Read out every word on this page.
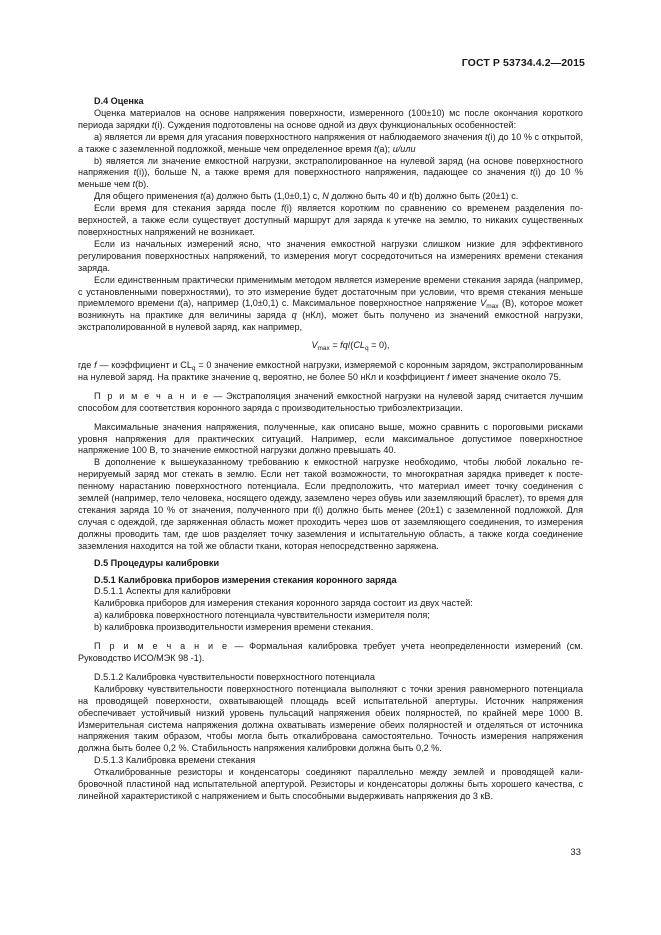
ГОСТ Р 53734.4.2—2015

D.4 Оценка

Оценка материалов на основе напряжения поверхности, измеренного (100±10) мс после окончания короткого периода зарядки t(i). Суждения подготовлены на основе одной из двух функциональных особенностей:

a) является ли время для угасания поверхностного напряжения от наблюдаемого значения t(i) до 10 % с открытой, а также с заземленной подложкой, меньше чем определенное время t(a); и/или

b) является ли значение емкостной нагрузки, экстраполированное на нулевой заряд (на основе поверхностного напряжения t(i)), больше N, а также время для поверхностного напряжения, падающее со значения t(i) до 10 % меньше чем t(b).

Для общего применения t(a) должно быть (1,0±0,1) с, N должно быть 40 и t(b) должно быть (20±1) с.

Если время для стекания заряда после f(i) является коротким по сравнению со временем разделения поверхностей, а также если существует доступный маршрут для заряда к утечке на землю, то никаких существенных поверхностных напряжений не возникает.

Если из начальных измерений ясно, что значения емкостной нагрузки слишком низкие для эффективного регулирования поверхностных напряжений, то измерения могут сосредоточиться на измерениях времени стекания заряда.

Если единственным практически применимым методом является измерение времени стекания заряда (например, с установленными поверхностями), то это измерение будет достаточным при условии, что время стекания меньше приемлемого времени t(a), например (1,0±0,1) с. Максимальное поверхностное напряжение $V_{max}$ (В), которое может возникнуть на практике для величины заряда q (нКл), может быть получено из значений емкостной нагрузки, экстраполированной в нулевой заряд, как например,

$V_{max} = fq/(CL_q = 0)$,

где f — коэффициент и $CL_q = 0$ значение емкостной нагрузки, измеряемой с коронным зарядом, экстраполированным на нулевой заряд. На практике значение q, вероятно, не более 50 нКл и коэффициент f имеет значение около 75.

П р и м е ч а н и е — Экстраполяция значений емкостной нагрузки на нулевой заряд считается лучшим способом для соответствия коронного заряда с производительностью трибоэлектризации.

Максимальные значения напряжения, полученные, как описано выше, можно сравнить с пороговыми рисками уровня напряжения для практических ситуаций. Например, если максимальное допустимое поверхностное напряжение 100 В, то значение емкостной нагрузки должно превышать 40.

В дополнение к вышеуказанному требованию к емкостной нагрузке необходимо, чтобы любой локально генерируемый заряд мог стекать в землю. Если нет такой возможности, то многократная зарядка приведет к постепенному нарастанию поверхностного потенциала. Если предположить, что материал имеет точку соединения с землей (например, тело человека, носящего одежду, заземлено через обувь или заземляющий браслет), то время для стекания заряда 10 % от значения, полученного при t(i) должно быть менее (20±1) с заземленной подложкой. Для случая с одеждой, где заряженная область может проходить через шов от заземляющего соединения, то измерения должны проводить там, где шов разделяет точку заземления и испытательную область, а также когда соединение заземления находится на той же области ткани, которая непосредственно заряжена.

D.5 Процедуры калибровки

D.5.1 Калибровка приборов измерения стекания коронного заряда

D.5.1.1 Аспекты для калибровки

Калибровка приборов для измерения стекания коронного заряда состоит из двух частей:

a) калибровка поверхностного потенциала чувствительности измерителя поля;

b) калибровка производительности измерения времени стекания.

П р и м е ч а н и е — Формальная калибровка требует учета неопределенности измерений (см. Руководство ИСО/МЭК 98 -1).

D.5.1.2 Калибровка чувствительности поверхностного потенциала

Калибровку чувствительности поверхностного потенциала выполняют с точки зрения равномерного потенциала на проводящей поверхности, охватывающей площадь всей испытательной апертуры. Источник напряжения обеспечивает устойчивый низкий уровень пульсаций напряжения обеих полярностей, по крайней мере 1000 В. Измерительная система напряжения должна охватывать измерение обеих полярностей и отделяться от источника напряжения таким образом, чтобы могла быть откалибрована самостоятельно. Точность измерения напряжения должна быть более 0,2 %. Стабильность напряжения калибровки должна быть 0,2 %.

D.5.1.3 Калибровка времени стекания

Откалиброванные резисторы и конденсаторы соединяют параллельно между землей и проводящей калибровочной пластиной над испытательной апертурой. Резисторы и конденсаторы должны быть хорошего качества, с линейной характеристикой с напряжением и быть способными выдерживать напряжения до 3 кВ.

33
